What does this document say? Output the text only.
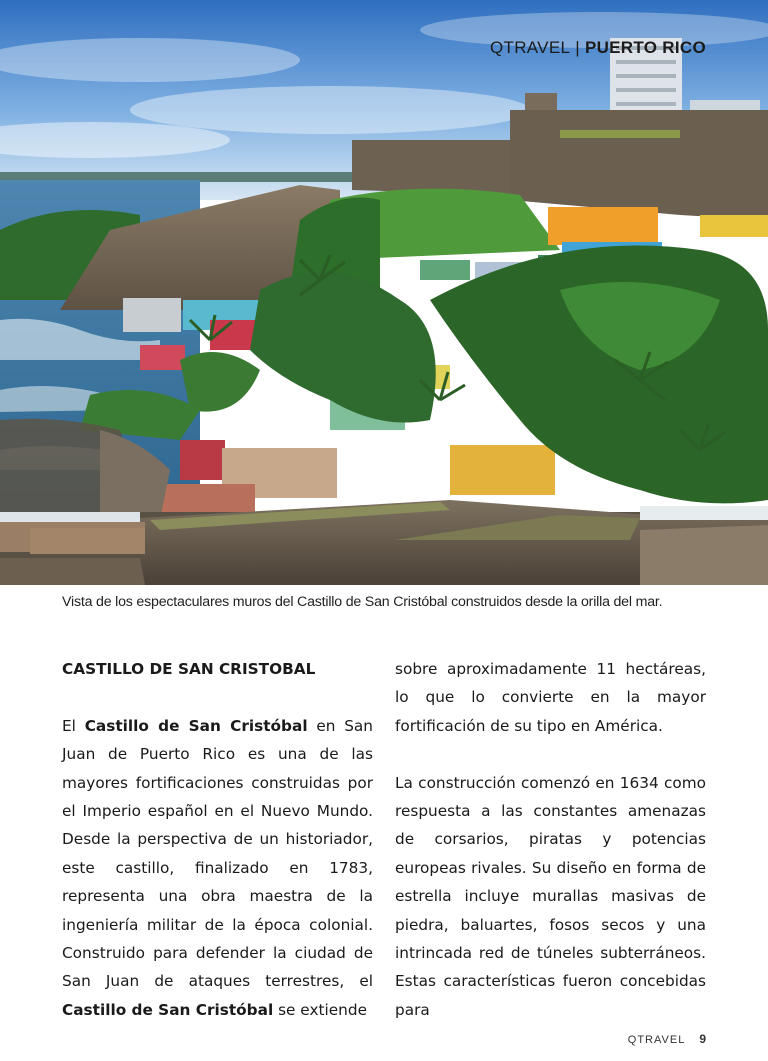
QTRAVEL | PUERTO RICO
Vista de los espectaculares muros del Castillo de San Cristóbal construidos desde la orilla del mar.

CASTILLO DE SAN CRISTOBAL

El Castillo de San Cristóbal en San Juan de Puerto Rico es una de las mayores fortificaciones construidas por el Imperio español en el Nuevo Mundo. Desde la perspectiva de un historiador, este castillo, finalizado en 1783, representa una obra maestra de la ingeniería militar de la época colonial. Construido para defender la ciudad de San Juan de ataques terrestres, el Castillo de San Cristóbal se extiende

sobre aproximadamente 11 hectáreas, lo que lo convierte en la mayor fortificación de su tipo en América.

La construcción comenzó en 1634 como respuesta a las constantes amenazas de corsarios, piratas y potencias europeas rivales. Su diseño en forma de estrella incluye murallas masivas de piedra, baluartes, fosos secos y una intrincada red de túneles subterráneos. Estas características fueron concebidas para

QTRAVEL 9
